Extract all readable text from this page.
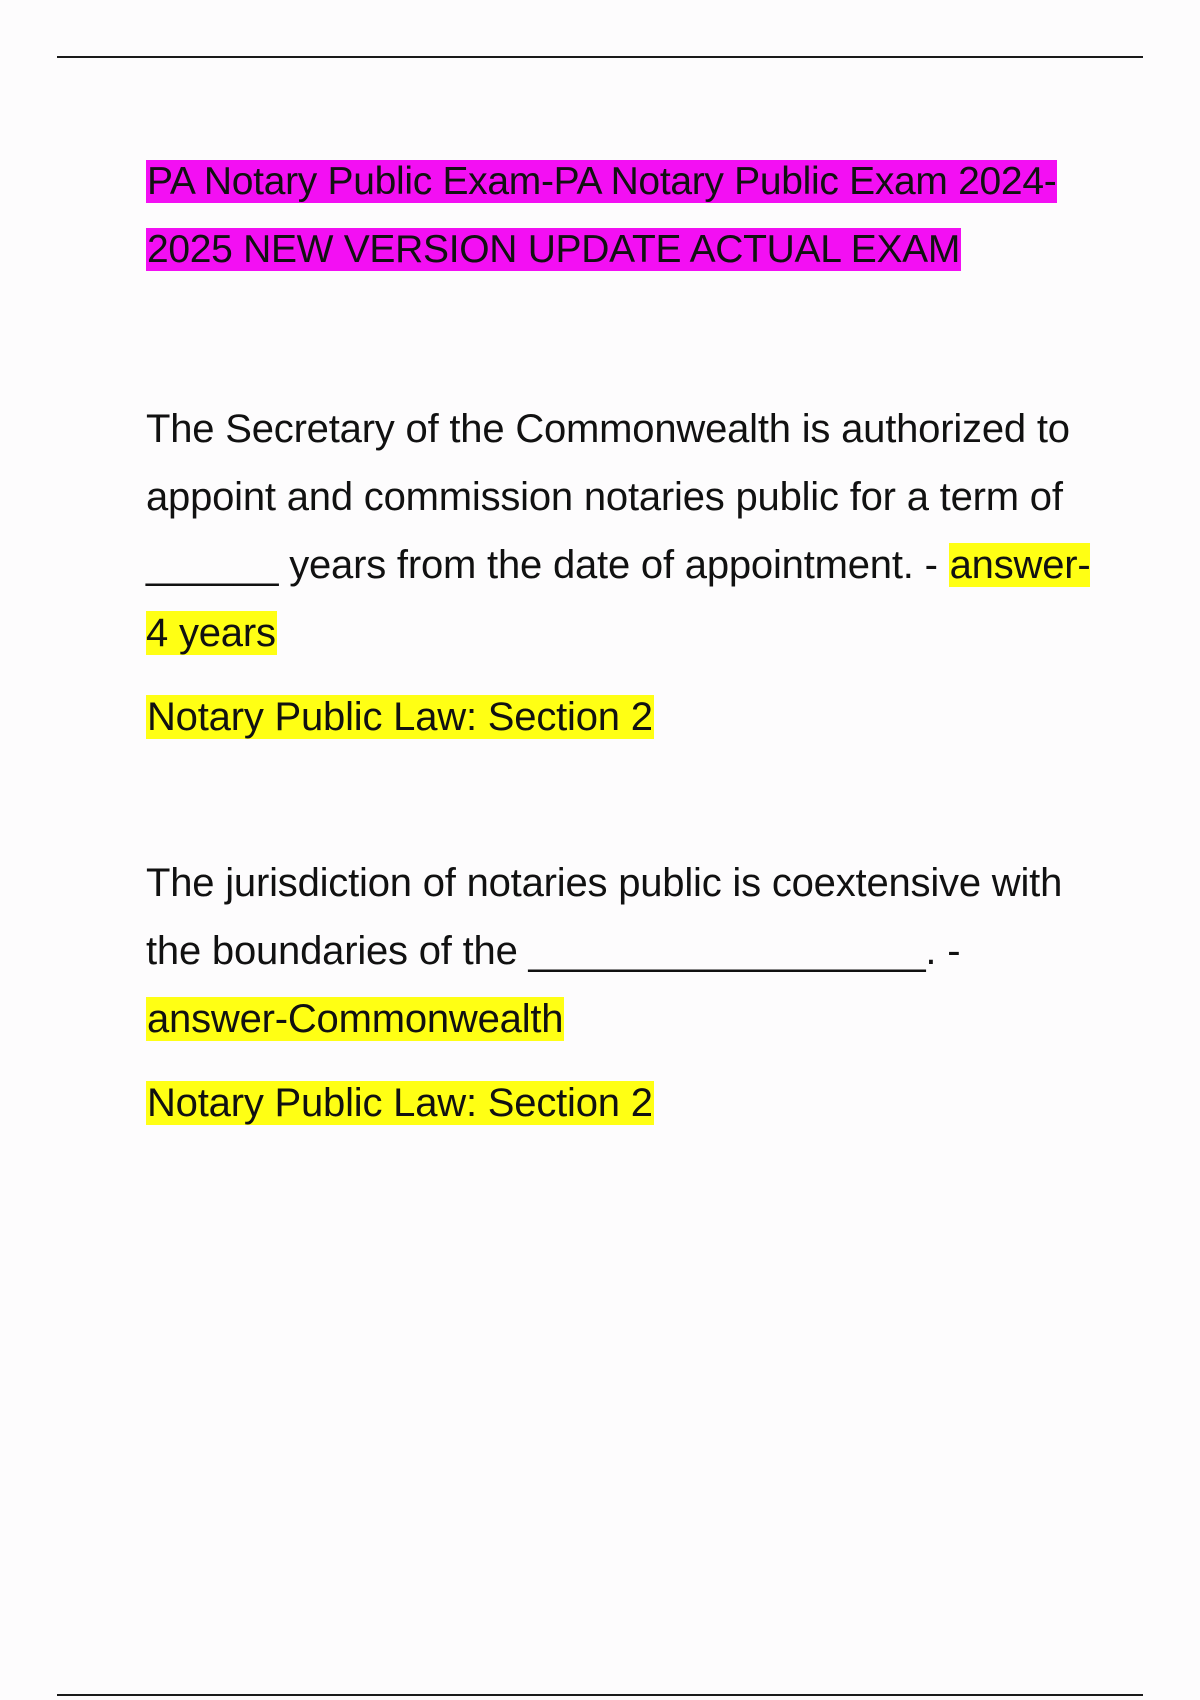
PA Notary Public Exam-PA Notary Public Exam 2024-2025 NEW VERSION UPDATE ACTUAL EXAM

The Secretary of the Commonwealth is authorized to appoint and commission notaries public for a term of ______ years from the date of appointment. - answer-4 years

Notary Public Law: Section 2

The jurisdiction of notaries public is coextensive with the boundaries of the __________________. - answer-Commonwealth

Notary Public Law: Section 2
